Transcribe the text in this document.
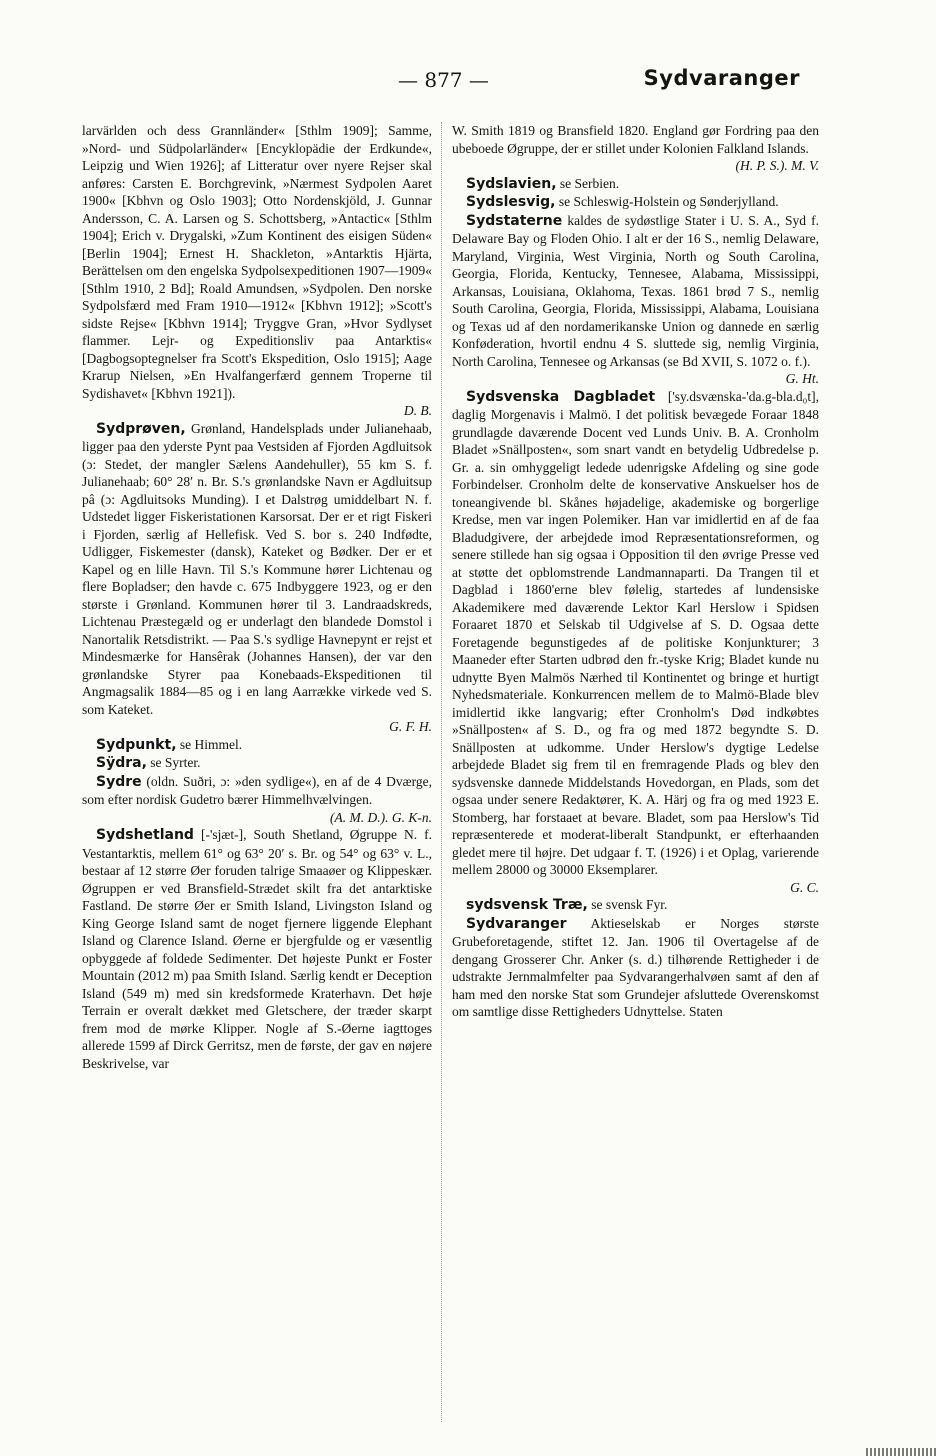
— 877 —	Sydvaranger

larvärlden och dess Grannländer« [Sthlm 1909]; Samme, »Nord- und Südpolarländer« [Encyklopädie der Erdkunde«, Leipzig und Wien 1926]; af Litteratur over nyere Rejser skal anføres: Carsten E. Borchgrevink, »Nærmest Sydpolen Aaret 1900« [Kbhvn og Oslo 1903]; Otto Nordenskjöld, J. Gunnar Andersson, C. A. Larsen og S. Schottsberg, »Antactic« [Sthlm 1904]; Erich v. Drygalski, »Zum Kontinent des eisigen Süden« [Berlin 1904]; Ernest H. Shackleton, »Antarktis Hjärta, Berättelsen om den engelska Sydpolsexpeditionen 1907—1909« [Sthlm 1910, 2 Bd]; Roald Amundsen, »Sydpolen. Den norske Sydpolsfærd med Fram 1910—1912« [Kbhvn 1912]; »Scott's sidste Rejse« [Kbhvn 1914]; Tryggve Gran, »Hvor Sydlyset flammer. Lejr- og Expeditionsliv paa Antarktis« [Dagbogsoptegnelser fra Scott's Ekspedition, Oslo 1915]; Aage Krarup Nielsen, »En Hvalfangerfærd gennem Troperne til Sydishavet« [Kbhvn 1921]).
D. B.

Sydprøven, Grønland, Handelsplads under Julianehaab, ligger paa den yderste Pynt paa Vestsiden af Fjorden Agdluitsok (ɔ: Stedet, der mangler Sælens Aandehuller), 55 km S. f. Julianehaab; 60° 28′ n. Br. S.'s grønlandske Navn er Agdluitsup pâ (ɔ: Agdluitsoks Munding). I et Dalstrøg umiddelbart N. f. Udstedet ligger Fiskeristationen Karsorsat. Der er et rigt Fiskeri i Fjorden, særlig af Hellefisk. Ved S. bor s. 240 Indfødte, Udligger, Fiskemester (dansk), Kateket og Bødker. Der er et Kapel og en lille Havn. Til S.'s Kommune hører Lichtenau og flere Bopladser; den havde c. 675 Indbyggere 1923, og er den største i Grønland. Kommunen hører til 3. Landraadskreds, Lichtenau Præstegæld og er underlagt den blandede Domstol i Nanortalik Retsdistrikt. — Paa S.'s sydlige Havnepynt er rejst et Mindesmærke for Hansêrak (Johannes Hansen), der var den grønlandske Styrer paa Konebaads-Ekspeditionen til Angmagsalik 1884—85 og i en lang Aarrække virkede ved S. som Kateket.
G. F. H.

Sydpunkt, se Himmel.

Sÿdra, se Syrter.

Sydre (oldn. Suðri, ɔ: »den sydlige«), en af de 4 Dværge, som efter nordisk Gudetro bærer Himmelhvælvingen.
(A. M. D.). G. K-n.

Sydshetland [-'sjæt-], South Shetland, Øgruppe N. f. Vestantarktis, mellem 61° og 63° 20′ s. Br. og 54° og 63° v. L., bestaar af 12 større Øer foruden talrige Smaaøer og Klippeskær. Øgruppen er ved Bransfield-Strædet skilt fra det antarktiske Fastland. De større Øer er Smith Island, Livingston Island og King George Island samt de noget fjernere liggende Elephant Island og Clarence Island. Øerne er bjergfulde og er væsentlig opbyggede af foldede Sedimenter. Det højeste Punkt er Foster Mountain (2012 m) paa Smith Island. Særlig kendt er Deception Island (549 m) med sin kredsformede Kraterhavn. Det høje Terrain er overalt dækket med Gletschere, der træder skarpt frem mod de mørke Klipper. Nogle af S.-Øerne iagttoges allerede 1599 af Dirck Gerritsz, men de første, der gav en nøjere Beskrivelse, var

W. Smith 1819 og Bransfield 1820. England gør Fordring paa den ubeboede Øgruppe, der er stillet under Kolonien Falkland Islands.
(H. P. S.). M. V.

Sydslavien, se Serbien.

Sydslesvig, se Schleswig-Holstein og Sønderjylland.

Sydstaterne kaldes de sydøstlige Stater i U. S. A., Syd f. Delaware Bay og Floden Ohio. I alt er der 16 S., nemlig Delaware, Maryland, Virginia, West Virginia, North og South Carolina, Georgia, Florida, Kentucky, Tennesee, Alabama, Mississippi, Arkansas, Louisiana, Oklahoma, Texas. 1861 brød 7 S., nemlig South Carolina, Georgia, Florida, Mississippi, Alabama, Louisiana og Texas ud af den nordamerikanske Union og dannede en særlig Konføderation, hvortil endnu 4 S. sluttede sig, nemlig Virginia, North Carolina, Tennesee og Arkansas (se Bd XVII, S. 1072 o. f.).
G. Ht.

Sydsvenska Dagbladet ['sy.dsvænska-'da.g-bla.d₀t], daglig Morgenavis i Malmö. I det politisk bevægede Foraar 1848 grundlagde daværende Docent ved Lunds Univ. B. A. Cronholm Bladet »Snällposten«, som snart vandt en betydelig Udbredelse p. Gr. a. sin omhyggeligt ledede udenrigske Afdeling og sine gode Forbindelser. Cronholm delte de konservative Anskuelser hos de toneangivende bl. Skånes højadelige, akademiske og borgerlige Kredse, men var ingen Polemiker. Han var imidlertid en af de faa Bladudgivere, der arbejdede imod Repræsentationsreformen, og senere stillede han sig ogsaa i Opposition til den øvrige Presse ved at støtte det opblomstrende Landmannaparti. Da Trangen til et Dagblad i 1860'erne blev følelig, startedes af lundensiske Akademikere med daværende Lektor Karl Herslow i Spidsen Foraaret 1870 et Selskab til Udgivelse af S. D. Ogsaa dette Foretagende begunstigedes af de politiske Konjunkturer; 3 Maaneder efter Starten udbrød den fr.-tyske Krig; Bladet kunde nu udnytte Byen Malmös Nærhed til Kontinentet og bringe et hurtigt Nyhedsmateriale. Konkurrencen mellem de to Malmö-Blade blev imidlertid ikke langvarig; efter Cronholm's Død indkøbtes »Snällposten« af S. D., og fra og med 1872 begyndte S. D. Snällposten at udkomme. Under Herslow's dygtige Ledelse arbejdede Bladet sig frem til en fremragende Plads og blev den sydsvenske dannede Middelstands Hovedorgan, en Plads, som det ogsaa under senere Redaktører, K. A. Härj og fra og med 1923 E. Stomberg, har forstaaet at bevare. Bladet, som paa Herslow's Tid repræsenterede et moderat-liberalt Standpunkt, er efterhaanden gledet mere til højre. Det udgaar f. T. (1926) i et Oplag, varierende mellem 28000 og 30000 Eksemplarer.
G. C.

sydsvensk Træ, se svensk Fyr.

Sydvaranger Aktieselskab er Norges største Grubeforetagende, stiftet 12. Jan. 1906 til Overtagelse af de dengang Grosserer Chr. Anker (s. d.) tilhørende Rettigheder i de udstrakte Jernmalmfelter paa Sydvarangerhalvøen samt af den af ham med den norske Stat som Grundejer afsluttede Overenskomst om samtlige disse Rettigheders Udnyttelse. Staten
